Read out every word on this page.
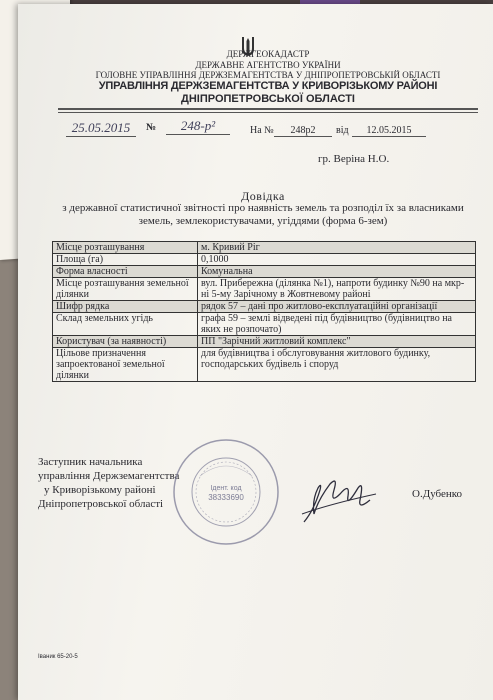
ДЕРЖГЕОКАДАСТР
ДЕРЖАВНЕ АГЕНТСТВО УКРАЇНИ
ГОЛОВНЕ УПРАВЛІННЯ ДЕРЖЗЕМАГЕНТСТВА У ДНІПРОПЕТРОВСЬКІЙ ОБЛАСТІ
УПРАВЛІННЯ ДЕРЖЗЕМАГЕНТСТВА У КРИВОРІЗЬКОМУ РАЙОНІ
ДНІПРОПЕТРОВСЬКОЇ ОБЛАСТІ
25.05.2015	№	248-р²	На №	248р2	від	12.05.2015
гр. Веріна Н.О.
Довідка
з державної статистичної звітності про наявність земель та розподіл їх за власниками земель, землекористувачами, угіддями (форма 6-зем)
Місце розташування	м. Кривий Ріг
Площа (га)	0,1000
Форма власності	Комунальна
Місце розташування земельної ділянки	вул. Прибережна (ділянка №1), напроти будинку №90 на мкр-ні 5-му Зарічному в Жовтневому районі
Шифр рядка	рядок 57 – дані про житлово-експлуатаційні організації
Склад земельних угідь	графа 59 – землі відведені під будівництво (будівництво на яких не розпочато)
Користувач (за наявності)	ПП "Зарічний житловий комплекс"
Цільове призначення запроектованої земельної ділянки	для будівництва і обслуговування житлового будинку, господарських будівель і споруд
Заступник начальника
управління Держземагентства
у Криворізькому районі
Дніпропетровської області
Ідент. код
38333690	О.Дубенко
Іваник 65-20-5
